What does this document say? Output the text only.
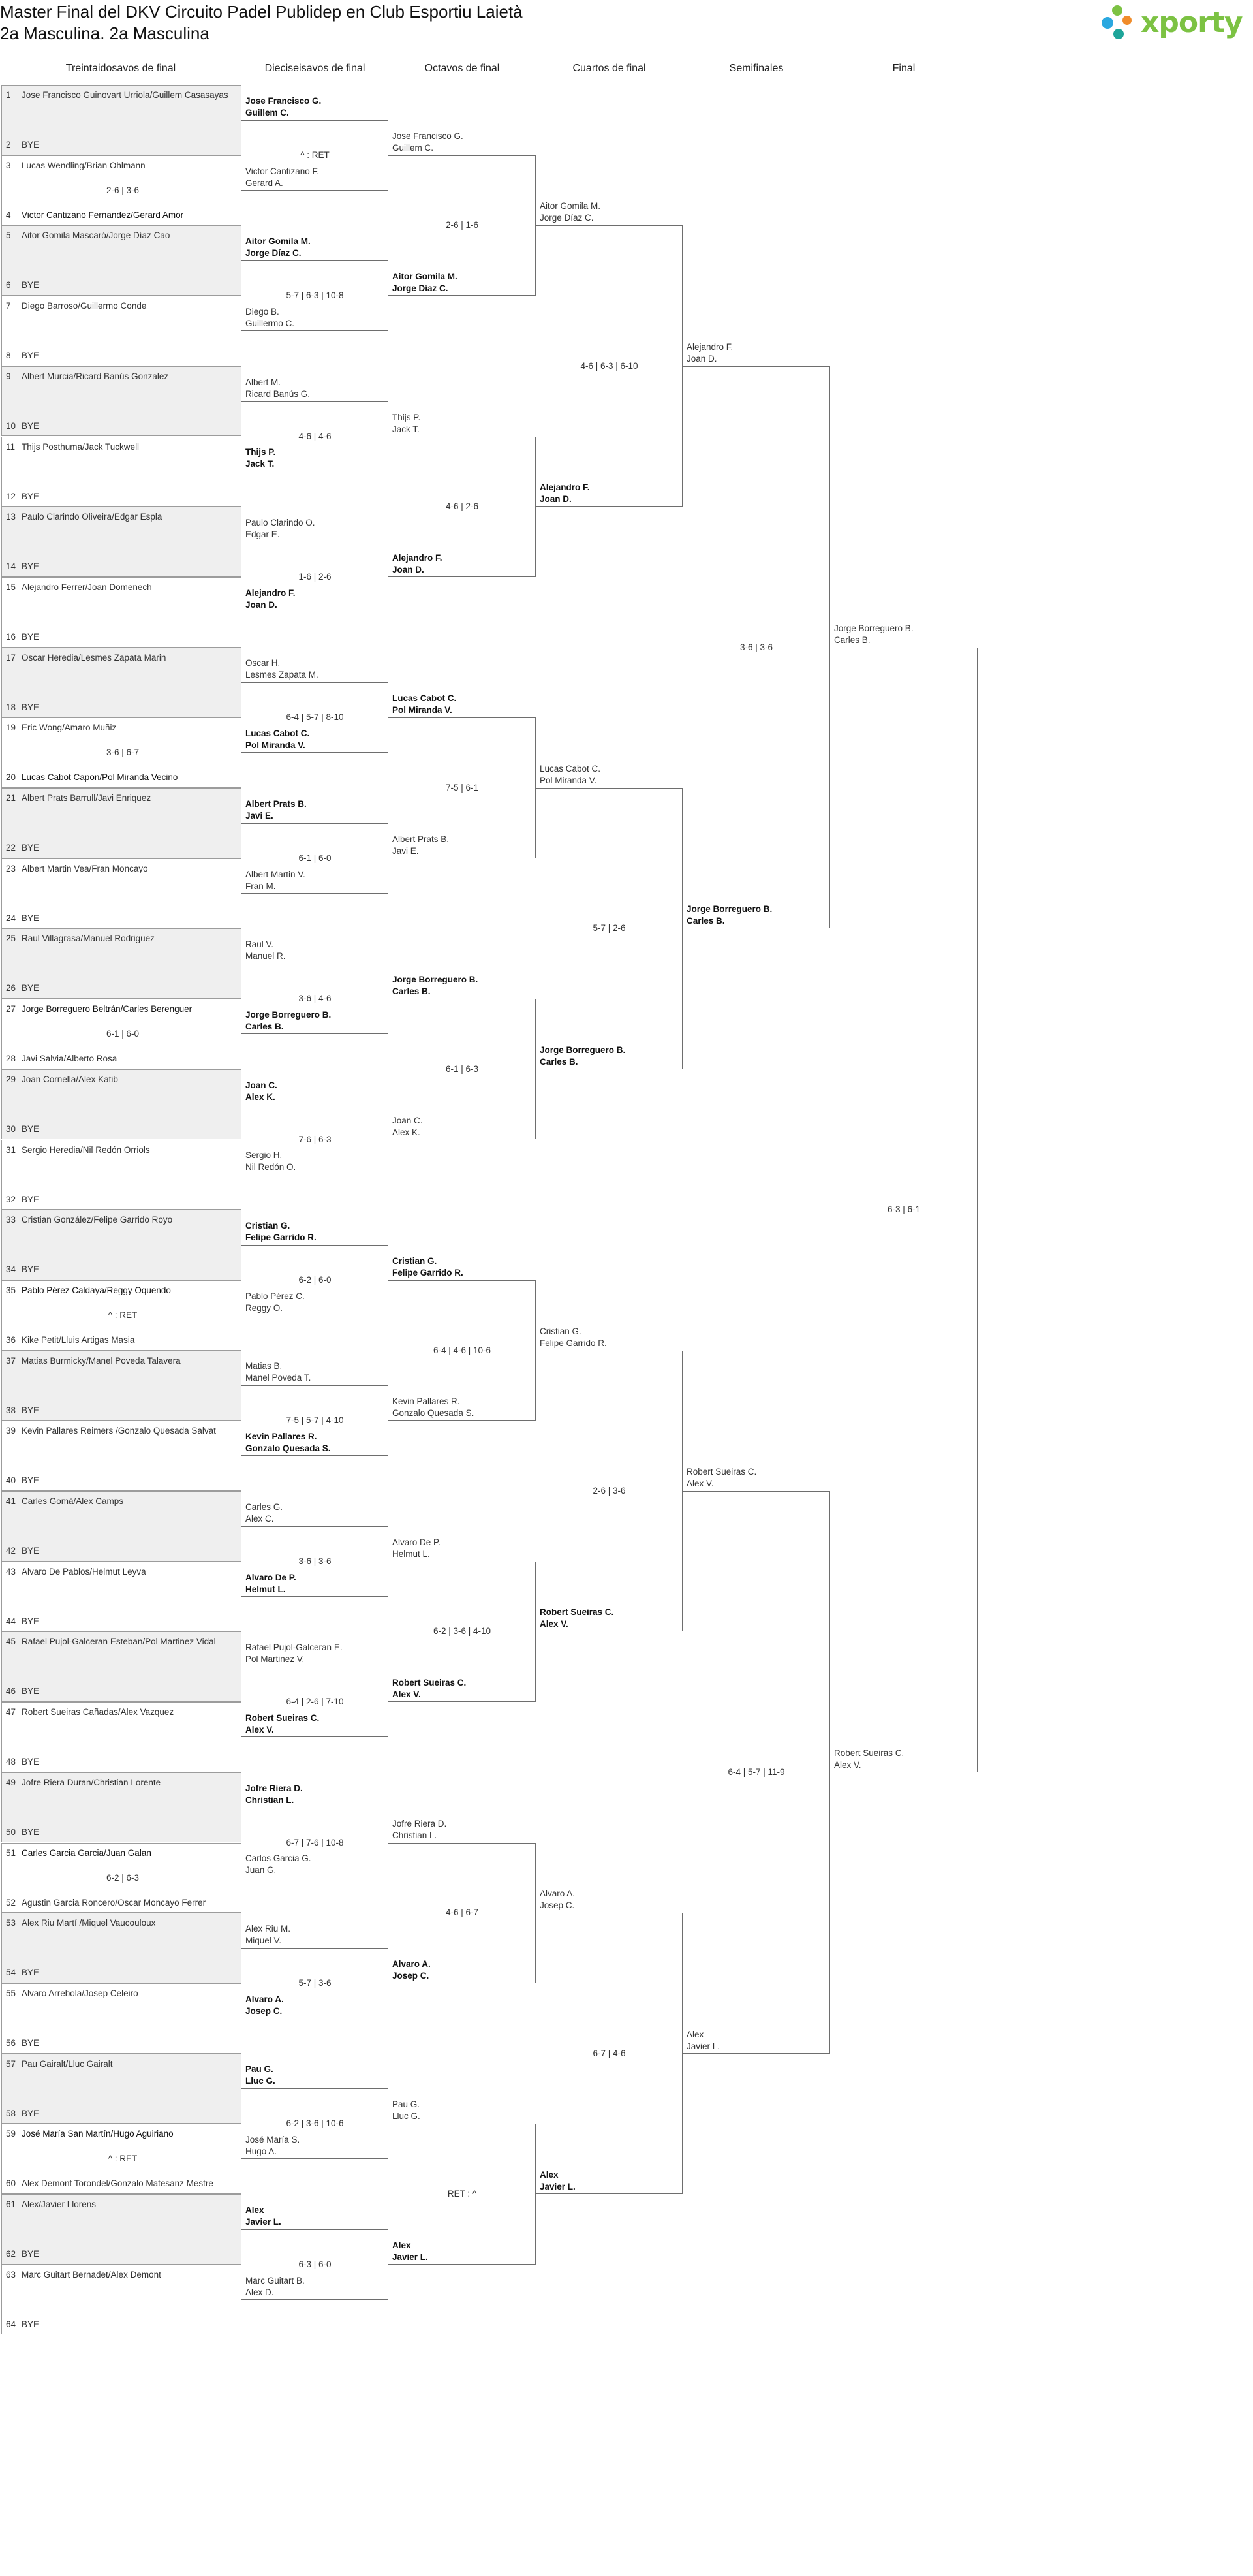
Master Final del DKV Circuito Padel Publidep en Club Esportiu Laietà
2a Masculina. 2a Masculina	xporty
Treintaidosavos de final	Dieciseisavos de final	Octavos de final	Cuartos de final	Semifinales	Final
1	Jose Francisco Guinovart Urriola/Guillem Casasayas
2	BYE
3	Lucas Wendling/Brian Ohlmann
2-6 | 3-6
4	Victor Cantizano Fernandez/Gerard Amor
5	Aitor Gomila Mascaró/Jorge Díaz Cao
6	BYE
7	Diego Barroso/Guillermo Conde
8	BYE
9	Albert Murcia/Ricard Banús Gonzalez
10 BYE
11 Thijs Posthuma/Jack Tuckwell
12 BYE
13 Paulo Clarindo Oliveira/Edgar Espla
14 BYE
15 Alejandro Ferrer/Joan Domenech
16 BYE
17 Oscar Heredia/Lesmes Zapata Marin
18 BYE
19 Eric Wong/Amaro Muñiz
3-6 | 6-7
20 Lucas Cabot Capon/Pol Miranda Vecino
21 Albert Prats Barrull/Javi Enriquez
22 BYE
23 Albert Martin Vea/Fran Moncayo
24 BYE
25 Raul Villagrasa/Manuel Rodriguez
26 BYE
27 Jorge Borreguero Beltrán/Carles Berenguer
6-1 | 6-0
28 Javi Salvia/Alberto Rosa
29 Joan Cornella/Alex Katib
30 BYE
31 Sergio Heredia/Nil Redón Orriols
32 BYE
33 Cristian González/Felipe Garrido Royo
34 BYE
35 Pablo Pérez Caldaya/Reggy Oquendo
^ : RET
36 Kike Petit/Lluis Artigas Masia
37 Matias Burmicky/Manel Poveda Talavera
38 BYE
39 Kevin Pallares Reimers /Gonzalo Quesada Salvat
40 BYE
41 Carles Gomà/Alex Camps
42 BYE
43 Alvaro De Pablos/Helmut Leyva
44 BYE
45 Rafael Pujol-Galceran Esteban/Pol Martinez Vidal
46 BYE
47 Robert Sueiras Cañadas/Alex Vazquez
48 BYE
49 Jofre Riera Duran/Christian Lorente
50 BYE
51 Carles Garcia Garcia/Juan Galan
6-2 | 6-3
52 Agustin Garcia Roncero/Oscar Moncayo Ferrer
53 Alex Riu Martí /Miquel Vaucouloux
54 BYE
55 Alvaro Arrebola/Josep Celeiro
56 BYE
57 Pau Gairalt/Lluc Gairalt
58 BYE
59 José María San Martín/Hugo Aguiriano
^ : RET
60 Alex Demont Torondel/Gonzalo Matesanz Mestre
61 Alex/Javier Llorens
62 BYE
63 Marc Guitart Bernadet/Alex Demont
64 BYE
Jose Francisco G.
Guillem C.
Victor Cantizano F.
Gerard A.
^ : RET
Aitor Gomila M.
Jorge Díaz C.
Diego B.
Guillermo C.
5-7 | 6-3 | 10-8
Albert M.
Ricard Banús G.
Thijs P.
Jack T.
4-6 | 4-6
Paulo Clarindo O.
Edgar E.
Alejandro F.
Joan D.
1-6 | 2-6
Oscar H.
Lesmes Zapata M.
Lucas Cabot C.
Pol Miranda V.
6-4 | 5-7 | 8-10
Albert Prats B.
Javi E.
Albert Martin V.
Fran M.
6-1 | 6-0
Raul V.
Manuel R.
Jorge Borreguero B.
Carles B.
3-6 | 4-6
Joan C.
Alex K.
Sergio H.
Nil Redón O.
7-6 | 6-3
Cristian G.
Felipe Garrido R.
Pablo Pérez C.
Reggy O.
6-2 | 6-0
Matias B.
Manel Poveda T.
Kevin Pallares R.
Gonzalo Quesada S.
7-5 | 5-7 | 4-10
Carles G.
Alex C.
Alvaro De P.
Helmut L.
3-6 | 3-6
Rafael Pujol-Galceran E.
Pol Martinez V.
Robert Sueiras C.
Alex V.
6-4 | 2-6 | 7-10
Jofre Riera D.
Christian L.
Carlos Garcia G.
Juan G.
6-7 | 7-6 | 10-8
Alex Riu M.
Miquel V.
Alvaro A.
Josep C.
5-7 | 3-6
Pau G.
Lluc G.
José María S.
Hugo A.
6-2 | 3-6 | 10-6
Alex
Javier L.
Marc Guitart B.
Alex D.
6-3 | 6-0
Jose Francisco G.
Guillem C.
Aitor Gomila M.
Jorge Díaz C.
2-6 | 1-6
Thijs P.
Jack T.
Alejandro F.
Joan D.
4-6 | 2-6
Lucas Cabot C.
Pol Miranda V.
Albert Prats B.
Javi E.
7-5 | 6-1
Jorge Borreguero B.
Carles B.
Joan C.
Alex K.
6-1 | 6-3
Cristian G.
Felipe Garrido R.
Kevin Pallares R.
Gonzalo Quesada S.
6-4 | 4-6 | 10-6
Alvaro De P.
Helmut L.
Robert Sueiras C.
Alex V.
6-2 | 3-6 | 4-10
Jofre Riera D.
Christian L.
Alvaro A.
Josep C.
4-6 | 6-7
Pau G.
Lluc G.
Alex
Javier L.
RET : ^
Aitor Gomila M.
Jorge Díaz C.
Alejandro F.
Joan D.
4-6 | 6-3 | 6-10
Lucas Cabot C.
Pol Miranda V.
Jorge Borreguero B.
Carles B.
5-7 | 2-6
Cristian G.
Felipe Garrido R.
Robert Sueiras C.
Alex V.
2-6 | 3-6
Alvaro A.
Josep C.
Alex
Javier L.
6-7 | 4-6
Alejandro F.
Joan D.
Jorge Borreguero B.
Carles B.
3-6 | 3-6
Robert Sueiras C.
Alex V.
Alex
Javier L.
6-4 | 5-7 | 11-9
Jorge Borreguero B.
Carles B.
Robert Sueiras C.
Alex V.
6-3 | 6-1
